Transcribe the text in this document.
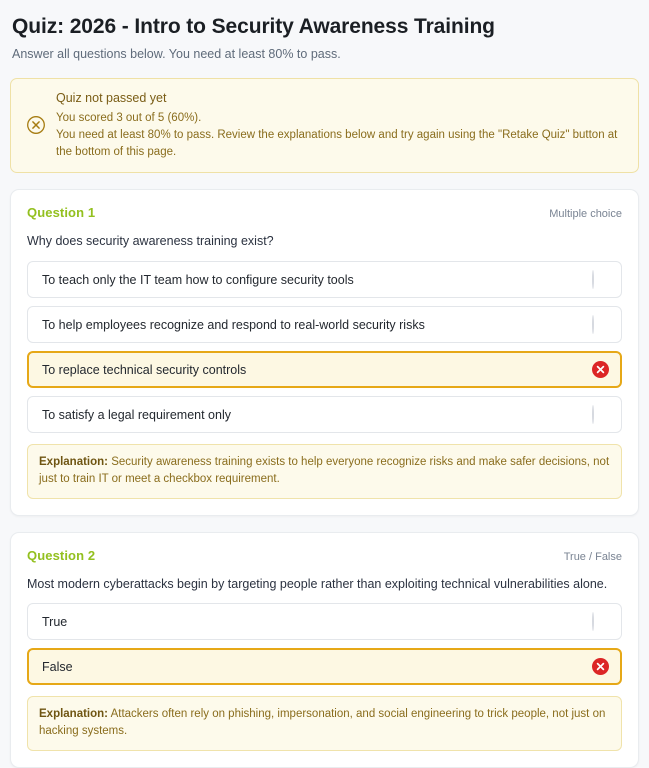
Quiz: 2026 - Intro to Security Awareness Training
Answer all questions below. You need at least 80% to pass.
Quiz not passed yet
You scored 3 out of 5 (60%).
You need at least 80% to pass. Review the explanations below and try again using the "Retake Quiz" button at the bottom of this page.
Question 1	Multiple choice
Why does security awareness training exist?
To teach only the IT team how to configure security tools
To help employees recognize and respond to real-world security risks
To replace technical security controls
To satisfy a legal requirement only
Explanation: Security awareness training exists to help everyone recognize risks and make safer decisions, not just to train IT or meet a checkbox requirement.
Question 2	True / False
Most modern cyberattacks begin by targeting people rather than exploiting technical vulnerabilities alone.
True
False
Explanation: Attackers often rely on phishing, impersonation, and social engineering to trick people, not just on hacking systems.
